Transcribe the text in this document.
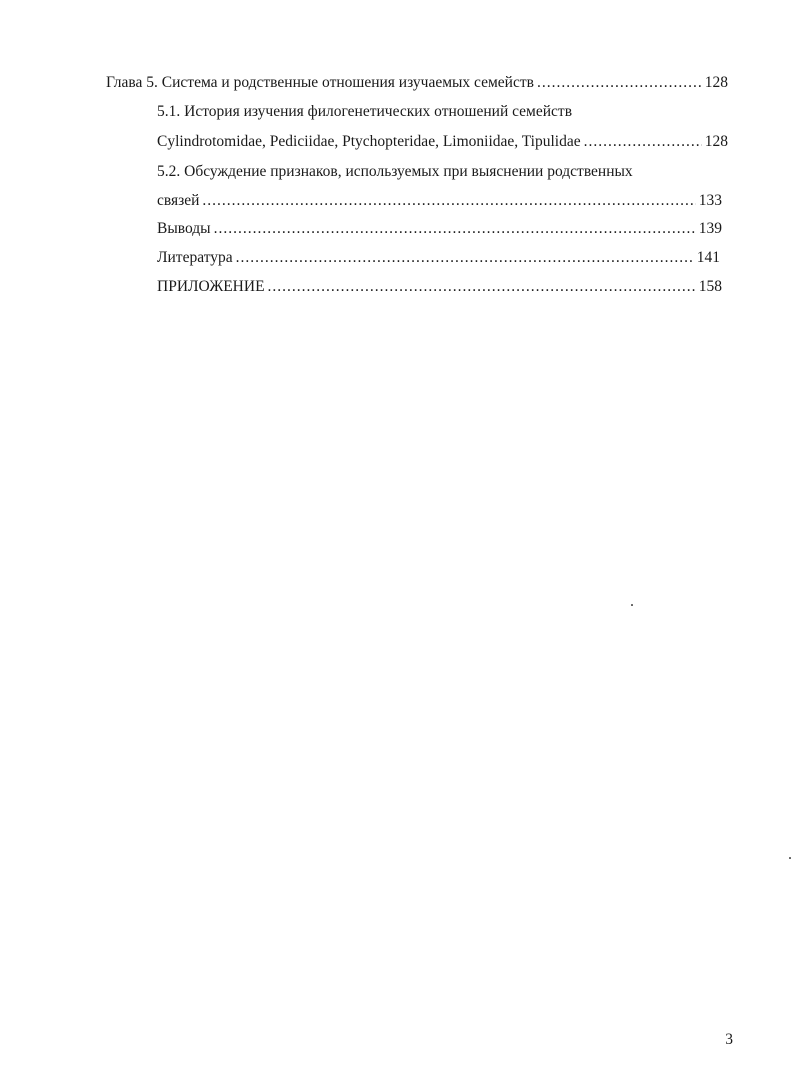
Глава 5. Система и родственные отношения изучаемых семейств .....	128
5.1. История изучения филогенетических отношений семейств
Cylindrotomidae, Pediciidae, Ptychopteridae, Limoniidae, Tipulidae .....	128
5.2. Обсуждение признаков, используемых при выяснении родственных
связей .....	133
Выводы .....	139
Литература .....	141
ПРИЛОЖЕНИЕ .....	158
3
